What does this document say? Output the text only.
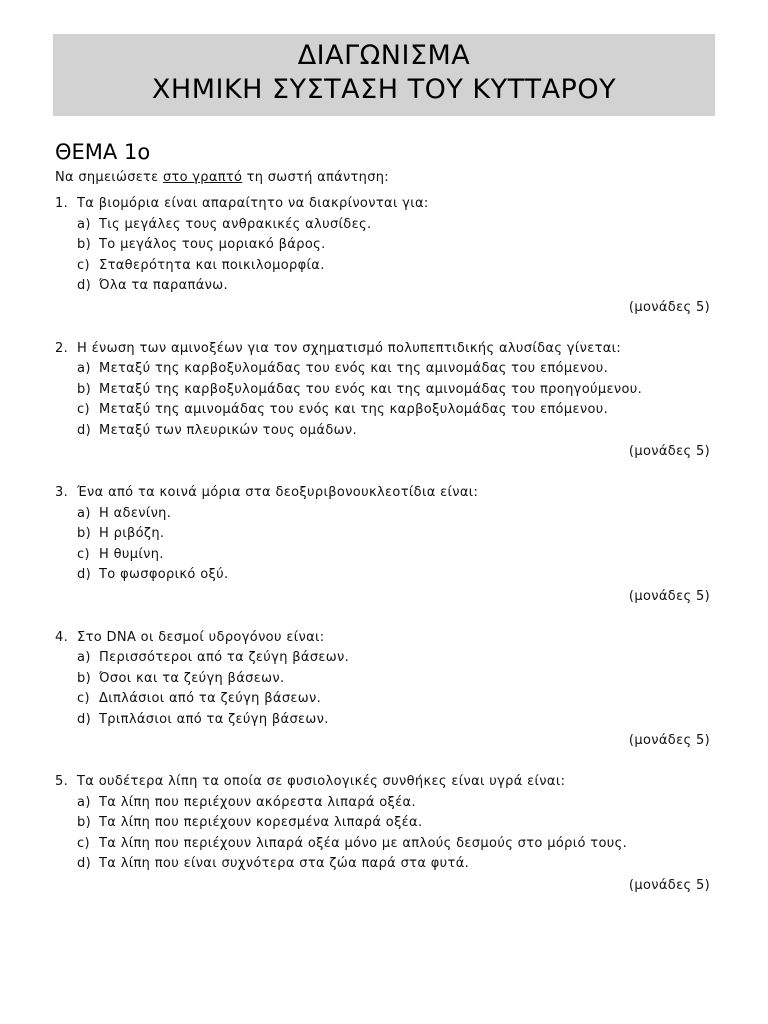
ΔΙΑΓΩΝΙΣΜΑ
ΧΗΜΙΚΗ ΣΥΣΤΑΣΗ ΤΟΥ ΚΥΤΤΑΡΟΥ
ΘΕΜΑ 1ο
Να σημειώσετε στο γραπτό τη σωστή απάντηση:
1. Τα βιομόρια είναι απαραίτητο να διακρίνονται για:
a) Τις μεγάλες τους ανθρακικές αλυσίδες.
b) Το μεγάλος τους μοριακό βάρος.
c) Σταθερότητα και ποικιλομορφία.
d) Όλα τα παραπάνω.
(μονάδες 5)
2. Η ένωση των αμινοξέων για τον σχηματισμό πολυπεπτιδικής αλυσίδας γίνεται:
a) Μεταξύ της καρβοξυλομάδας του ενός και της αμινομάδας του επόμενου.
b) Μεταξύ της καρβοξυλομάδας του ενός και της αμινομάδας του προηγούμενου.
c) Μεταξύ της αμινομάδας του ενός και της καρβοξυλομάδας του επόμενου.
d) Μεταξύ των πλευρικών τους ομάδων.
(μονάδες 5)
3. Ένα από τα κοινά μόρια στα δεοξυριβονουκλεοτίδια είναι:
a) Η αδενίνη.
b) Η ριβόζη.
c) Η θυμίνη.
d) Το φωσφορικό οξύ.
(μονάδες 5)
4. Στο DNA οι δεσμοί υδρογόνου είναι:
a) Περισσότεροι από τα ζεύγη βάσεων.
b) Όσοι και τα ζεύγη βάσεων.
c) Διπλάσιοι από τα ζεύγη βάσεων.
d) Τριπλάσιοι από τα ζεύγη βάσεων.
(μονάδες 5)
5. Τα ουδέτερα λίπη τα οποία σε φυσιολογικές συνθήκες είναι υγρά είναι:
a) Τα λίπη που περιέχουν ακόρεστα λιπαρά οξέα.
b) Τα λίπη που περιέχουν κορεσμένα λιπαρά οξέα.
c) Τα λίπη που περιέχουν λιπαρά οξέα μόνο με απλούς δεσμούς στο μόριό τους.
d) Τα λίπη που είναι συχνότερα στα ζώα παρά στα φυτά.
(μονάδες 5)
